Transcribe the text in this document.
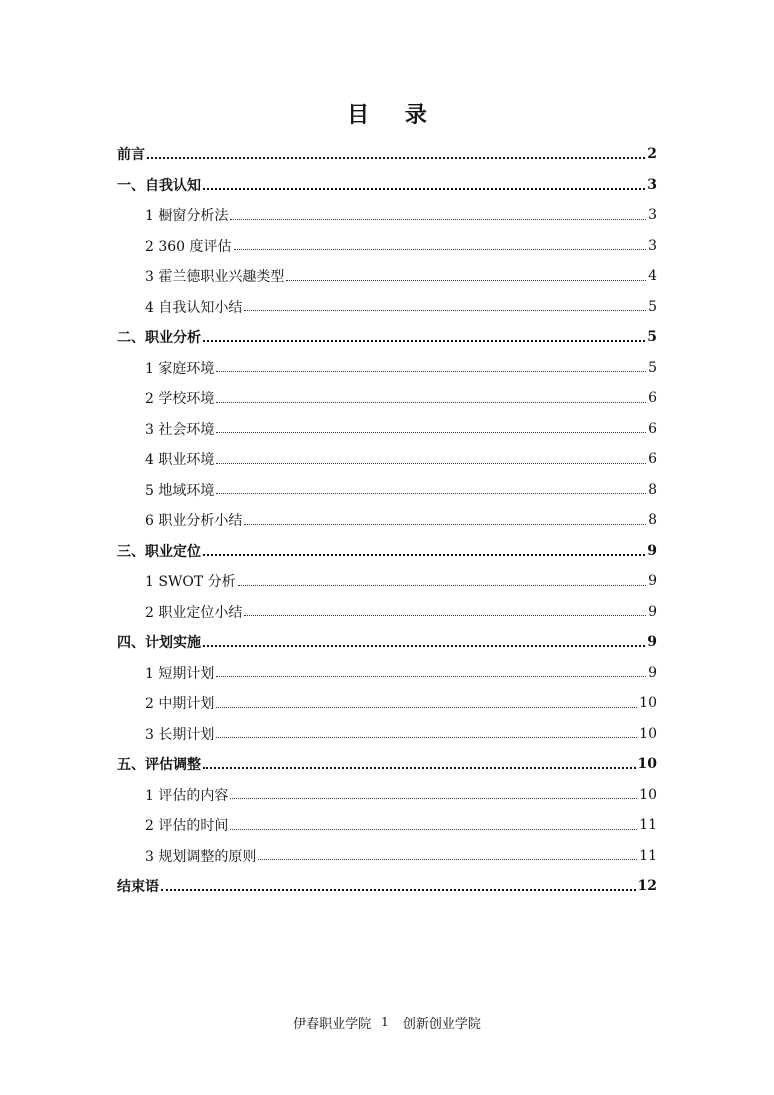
目 录
前言	2
一、自我认知	3
1 橱窗分析法	3
2 360 度评估	3
3 霍兰德职业兴趣类型	4
4 自我认知小结	5
二、职业分析	5
1 家庭环境	5
2 学校环境	6
3 社会环境	6
4 职业环境	6
5 地域环境	8
6 职业分析小结	8
三、职业定位	9
1 SWOT 分析	9
2 职业定位小结	9
四、计划实施	9
1 短期计划	9
2 中期计划	10
3 长期计划	10
五、评估调整	10
1 评估的内容	10
2 评估的时间	11
3 规划调整的原则	11
结束语	12
伊春职业学院 1 创新创业学院
